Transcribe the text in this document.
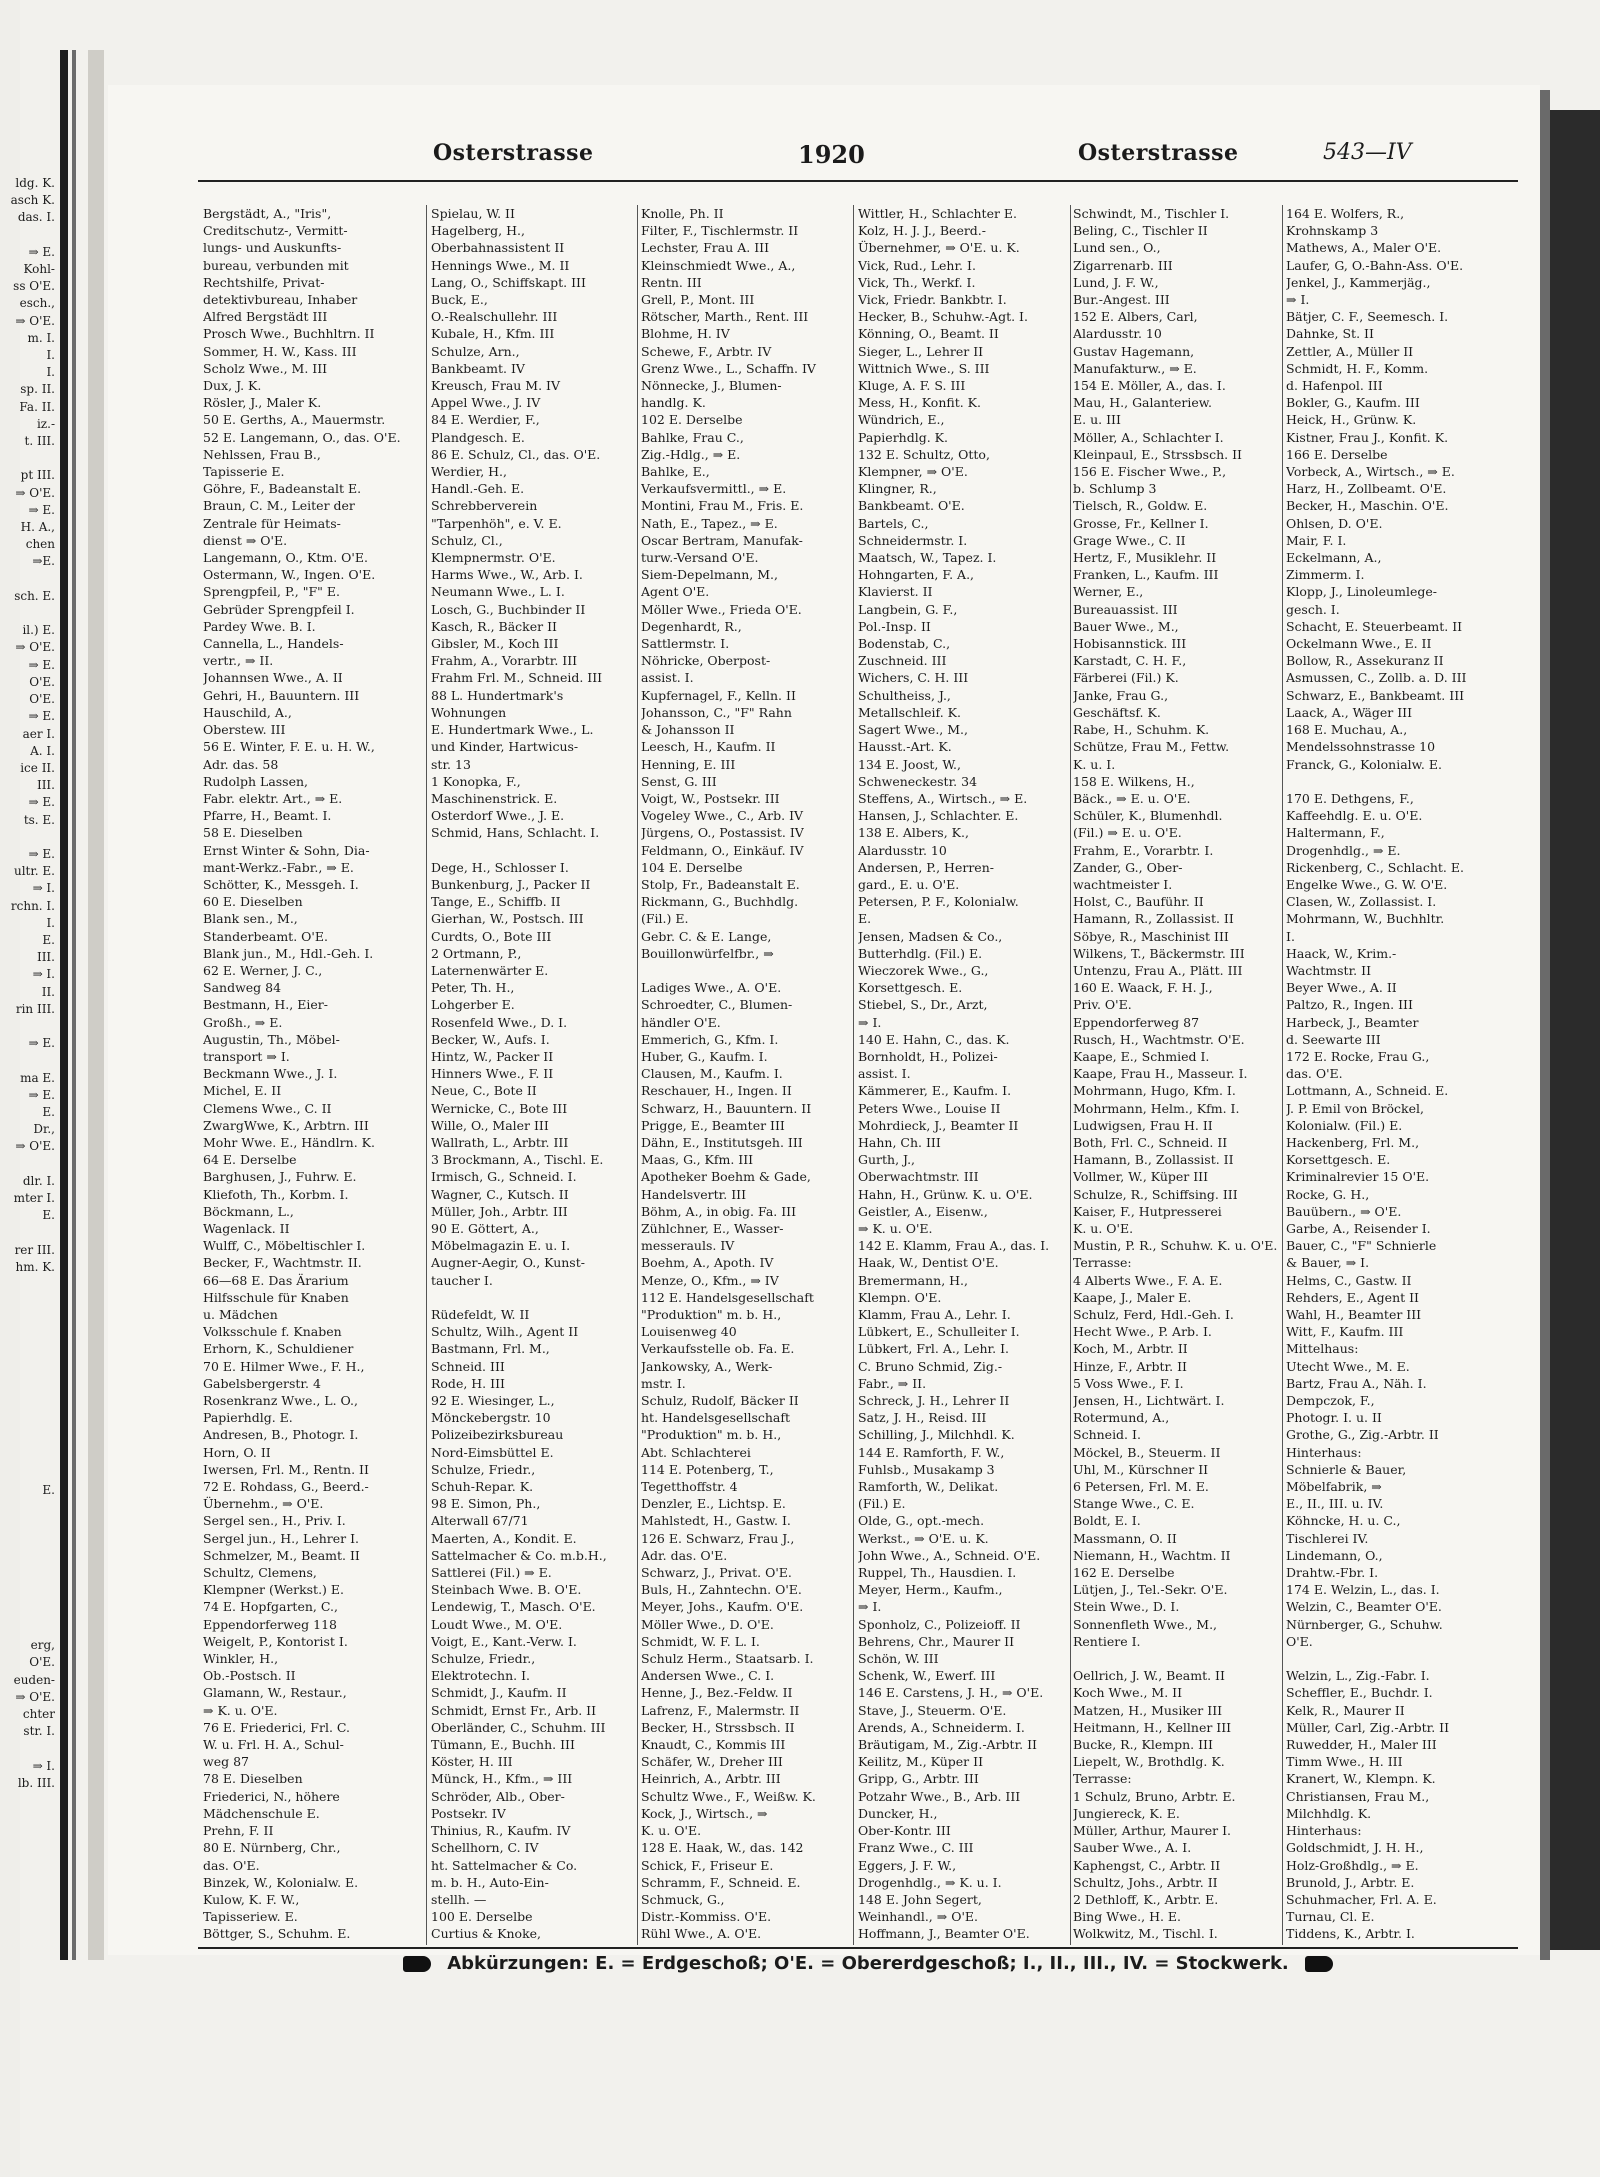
ldg. K.
asch K.
das. I.

⇒ E.
Kohl-
ss O'E.
esch.,
⇒ O'E.
m. I.
I.
I.
sp. II.
Fa. II.
iz.-
t. III.

pt III.
⇒ O'E.
⇒ E.
H. A.,
chen
⇒E.

sch. E.

il.) E.
⇒ O'E.
⇒ E.
O'E.
O'E.
⇒ E.
aer I.
A. I.
ice II.
III.
⇒ E.
ts. E.

⇒ E.
ultr. E.
⇒ I.
rchn. I.
I.
E.
III.
⇒ I.
II.
rin III.

⇒ E.

ma E.
⇒ E.
E.
Dr.,
⇒ O'E.

dlr. I.
mter I.
E.

rer III.
hm. K.

E.

erg,
O'E.
euden-
⇒ O'E.
chter
str. I.

⇒ I.
lb. III.
Osterstrasse	1920	Osterstrasse	543—IV
Bergstädt, A., "Iris",
Creditschutz-, Vermitt-
lungs- und Auskunfts-
bureau, verbunden mit
Rechtshilfe, Privat-
detektivbureau, Inhaber
Alfred Bergstädt III
Prosch Wwe., Buchhltrn. II
Sommer, H. W., Kass. III
Scholz Wwe., M. III
Dux, J. K.
Rösler, J., Maler K.
50 E. Gerths, A., Mauermstr.
52 E. Langemann, O., das. O'E.
Nehlssen, Frau B.,
Tapisserie E.
Göhre, F., Badeanstalt E.
Braun, C. M., Leiter der
Zentrale für Heimats-
dienst ⇒ O'E.
Langemann, O., Ktm. O'E.
Ostermann, W., Ingen. O'E.
Sprengpfeil, P., "F" E.
Gebrüder Sprengpfeil I.
Pardey Wwe. B. I.
Cannella, L., Handels-
vertr., ⇒ II.
Johannsen Wwe., A. II
Gehri, H., Bauuntern. III
Hauschild, A.,
Oberstew. III
56 E. Winter, F. E. u. H. W.,
Adr. das. 58
Rudolph Lassen,
Fabr. elektr. Art., ⇒ E.
Pfarre, H., Beamt. I.
58 E. Dieselben
Ernst Winter & Sohn, Dia-
mant-Werkz.-Fabr., ⇒ E.
Schötter, K., Messgeh. I.
60 E. Dieselben
Blank sen., M.,
Standerbeamt. O'E.
Blank jun., M., Hdl.-Geh. I.
62 E. Werner, J. C.,
Sandweg 84
Bestmann, H., Eier-
Großh., ⇒ E.
Augustin, Th., Möbel-
transport ⇒ I.
Beckmann Wwe., J. I.
Michel, E. II
Clemens Wwe., C. II
ZwargWwe, K., Arbtrn. III
Mohr Wwe. E., Händlrn. K.
64 E. Derselbe
Barghusen, J., Fuhrw. E.
Kliefoth, Th., Korbm. I.
Böckmann, L.,
Wagenlack. II
Wulff, C., Möbeltischler I.
Becker, F., Wachtmstr. II.
66—68 E. Das Ärarium
Hilfsschule für Knaben
u. Mädchen
Volksschule f. Knaben
Erhorn, K., Schuldiener
70 E. Hilmer Wwe., F. H.,
Gabelsbergerstr. 4
Rosenkranz Wwe., L. O.,
Papierhdlg. E.
Andresen, B., Photogr. I.
Horn, O. II
Iwersen, Frl. M., Rentn. II
72 E. Rohdass, G., Beerd.-
Übernehm., ⇒ O'E.
Sergel sen., H., Priv. I.
Sergel jun., H., Lehrer I.
Schmelzer, M., Beamt. II
Schultz, Clemens,
Klempner (Werkst.) E.
74 E. Hopfgarten, C.,
Eppendorferweg 118
Weigelt, P., Kontorist I.
Winkler, H.,
Ob.-Postsch. II
Glamann, W., Restaur.,
⇒ K. u. O'E.
76 E. Friederici, Frl. C.
W. u. Frl. H. A., Schul-
weg 87
78 E. Dieselben
Friederici, N., höhere
Mädchenschule E.
Prehn, F. II
80 E. Nürnberg, Chr.,
das. O'E.
Binzek, W., Kolonialw. E.
Kulow, K. F. W.,
Tapisseriew. E.
Böttger, S., Schuhm. E.
Spielau, W. II
Hagelberg, H.,
Oberbahnassistent II
Hennings Wwe., M. II
Lang, O., Schiffskapt. III
Buck, E.,
O.-Realschullehr. III
Kubale, H., Kfm. III
Schulze, Arn.,
Bankbeamt. IV
Kreusch, Frau M. IV
Appel Wwe., J. IV
84 E. Werdier, F.,
Plandgesch. E.
86 E. Schulz, Cl., das. O'E.
Werdier, H.,
Handl.-Geh. E.
Schrebberverein
"Tarpenhöh", e. V. E.
Schulz, Cl.,
Klempnermstr. O'E.
Harms Wwe., W., Arb. I.
Neumann Wwe., L. I.
Losch, G., Buchbinder II
Kasch, R., Bäcker II
Gibsler, M., Koch III
Frahm, A., Vorarbtr. III
Frahm Frl. M., Schneid. III
88 L. Hundertmark's
Wohnungen
E. Hundertmark Wwe., L.
und Kinder, Hartwicus-
str. 13
1 Konopka, F.,
Maschinenstrick. E.
Osterdorf Wwe., J. E.
Schmid, Hans, Schlacht. I.

Dege, H., Schlosser I.
Bunkenburg, J., Packer II
Tange, E., Schiffb. II
Gierhan, W., Postsch. III
Curdts, O., Bote III
2 Ortmann, P.,
Laternenwärter E.
Peter, Th. H.,
Lohgerber E.
Rosenfeld Wwe., D. I.
Becker, W., Aufs. I.
Hintz, W., Packer II
Hinners Wwe., F. II
Neue, C., Bote II
Wernicke, C., Bote III
Wille, O., Maler III
Wallrath, L., Arbtr. III
3 Brockmann, A., Tischl. E.
Irmisch, G., Schneid. I.
Wagner, C., Kutsch. II
Müller, Joh., Arbtr. III
90 E. Göttert, A.,
Möbelmagazin E. u. I.
Augner-Aegir, O., Kunst-
taucher I.

Rüdefeldt, W. II
Schultz, Wilh., Agent II
Bastmann, Frl. M.,
Schneid. III
Rode, H. III
92 E. Wiesinger, L.,
Mönckebergstr. 10
Polizeibezirksbureau
Nord-Eimsbüttel E.
Schulze, Friedr.,
Schuh-Repar. K.
98 E. Simon, Ph.,
Alterwall 67/71
Maerten, A., Kondit. E.
Sattelmacher & Co. m.b.H.,
Sattlerei (Fil.) ⇒ E.
Steinbach Wwe. B. O'E.
Lendewig, T., Masch. O'E.
Loudt Wwe., M. O'E.
Voigt, E., Kant.-Verw. I.
Schulze, Friedr.,
Elektrotechn. I.
Schmidt, J., Kaufm. II
Schmidt, Ernst Fr., Arb. II
Oberländer, C., Schuhm. III
Tümann, E., Buchh. III
Köster, H. III
Münck, H., Kfm., ⇒ III
Schröder, Alb., Ober-
Postsekr. IV
Thinius, R., Kaufm. IV
Schellhorn, C. IV
ht. Sattelmacher & Co.
m. b. H., Auto-Ein-
stellh. —
100 E. Derselbe
Curtius & Knoke,
Knolle, Ph. II
Filter, F., Tischlermstr. II
Lechster, Frau A. III
Kleinschmiedt Wwe., A.,
Rentn. III
Grell, P., Mont. III
Rötscher, Marth., Rent. III
Blohme, H. IV
Schewe, F., Arbtr. IV
Grenz Wwe., L., Schaffn. IV
Nönnecke, J., Blumen-
handlg. K.
102 E. Derselbe
Bahlke, Frau C.,
Zig.-Hdlg., ⇒ E.
Bahlke, E.,
Verkaufsvermittl., ⇒ E.
Montini, Frau M., Fris. E.
Nath, E., Tapez., ⇒ E.
Oscar Bertram, Manufak-
turw.-Versand O'E.
Siem-Depelmann, M.,
Agent O'E.
Möller Wwe., Frieda O'E.
Degenhardt, R.,
Sattlermstr. I.
Nöhricke, Oberpost-
assist. I.
Kupfernagel, F., Kelln. II
Johansson, C., "F" Rahn
& Johansson II
Leesch, H., Kaufm. II
Henning, E. III
Senst, G. III
Voigt, W., Postsekr. III
Vogeley Wwe., C., Arb. IV
Jürgens, O., Postassist. IV
Feldmann, O., Einkäuf. IV
104 E. Derselbe
Stolp, Fr., Badeanstalt E.
Rickmann, G., Buchhdlg.
(Fil.) E.
Gebr. C. & E. Lange,
Bouillonwürfelfbr., ⇒

Ladiges Wwe., A. O'E.
Schroedter, C., Blumen-
händler O'E.
Emmerich, G., Kfm. I.
Huber, G., Kaufm. I.
Clausen, M., Kaufm. I.
Reschauer, H., Ingen. II
Schwarz, H., Bauuntern. II
Prigge, E., Beamter III
Dähn, E., Institutsgeh. III
Maas, G., Kfm. III
Apotheker Boehm & Gade,
Handelsvertr. III
Böhm, A., in obig. Fa. III
Zühlchner, E., Wasser-
messerauls. IV
Boehm, A., Apoth. IV
Menze, O., Kfm., ⇒ IV
112 E. Handelsgesellschaft
"Produktion" m. b. H.,
Louisenweg 40
Verkaufsstelle ob. Fa. E.
Jankowsky, A., Werk-
mstr. I.
Schulz, Rudolf, Bäcker II
ht. Handelsgesellschaft
"Produktion" m. b. H.,
Abt. Schlachterei
114 E. Potenberg, T.,
Tegetthoffstr. 4
Denzler, E., Lichtsp. E.
Mahlstedt, H., Gastw. I.
126 E. Schwarz, Frau J.,
Adr. das. O'E.
Schwarz, J., Privat. O'E.
Buls, H., Zahntechn. O'E.
Meyer, Johs., Kaufm. O'E.
Möller Wwe., D. O'E.
Schmidt, W. F. L. I.
Schulz Herm., Staatsarb. I.
Andersen Wwe., C. I.
Henne, J., Bez.-Feldw. II
Lafrenz, F., Malermstr. II
Becker, H., Strssbsch. II
Knaudt, C., Kommis III
Schäfer, W., Dreher III
Heinrich, A., Arbtr. III
Schultz Wwe., F., Weißw. K.
Kock, J., Wirtsch., ⇒
K. u. O'E.
128 E. Haak, W., das. 142
Schick, F., Friseur E.
Schramm, F., Schneid. E.
Schmuck, G.,
Distr.-Kommiss. O'E.
Rühl Wwe., A. O'E.
Wittler, H., Schlachter E.
Kolz, H. J. J., Beerd.-
Übernehmer, ⇒ O'E. u. K.
Vick, Rud., Lehr. I.
Vick, Th., Werkf. I.
Vick, Friedr. Bankbtr. I.
Hecker, B., Schuhw.-Agt. I.
Könning, O., Beamt. II
Sieger, L., Lehrer II
Wittnich Wwe., S. III
Kluge, A. F. S. III
Mess, H., Konfit. K.
Wündrich, E.,
Papierhdlg. K.
132 E. Schultz, Otto,
Klempner, ⇒ O'E.
Klingner, R.,
Bankbeamt. O'E.
Bartels, C.,
Schneidermstr. I.
Maatsch, W., Tapez. I.
Hohngarten, F. A.,
Klavierst. II
Langbein, G. F.,
Pol.-Insp. II
Bodenstab, C.,
Zuschneid. III
Wichers, C. H. III
Schultheiss, J.,
Metallschleif. K.
Sagert Wwe., M.,
Hausst.-Art. K.
134 E. Joost, W.,
Schweneckestr. 34
Steffens, A., Wirtsch., ⇒ E.
Hansen, J., Schlachter. E.
138 E. Albers, K.,
Alardusstr. 10
Andersen, P., Herren-
gard., E. u. O'E.
Petersen, P. F., Kolonialw.
E.
Jensen, Madsen & Co.,
Butterhdlg. (Fil.) E.
Wieczorek Wwe., G.,
Korsettgesch. E.
Stiebel, S., Dr., Arzt,
⇒ I.
140 E. Hahn, C., das. K.
Bornholdt, H., Polizei-
assist. I.
Kämmerer, E., Kaufm. I.
Peters Wwe., Louise II
Mohrdieck, J., Beamter II
Hahn, Ch. III
Gurth, J.,
Oberwachtmstr. III
Hahn, H., Grünw. K. u. O'E.
Geistler, A., Eisenw.,
⇒ K. u. O'E.
142 E. Klamm, Frau A., das. I.
Haak, W., Dentist O'E.
Bremermann, H.,
Klempn. O'E.
Klamm, Frau A., Lehr. I.
Lübkert, E., Schulleiter I.
Lübkert, Frl. A., Lehr. I.
C. Bruno Schmid, Zig.-
Fabr., ⇒ II.
Schreck, J. H., Lehrer II
Satz, J. H., Reisd. III
Schilling, J., Milchhdl. K.
144 E. Ramforth, F. W.,
Fuhlsb., Musakamp 3
Ramforth, W., Delikat.
(Fil.) E.
Olde, G., opt.-mech.
Werkst., ⇒ O'E. u. K.
John Wwe., A., Schneid. O'E.
Ruppel, Th., Hausdien. I.
Meyer, Herm., Kaufm.,
⇒ I.
Sponholz, C., Polizeioff. II
Behrens, Chr., Maurer II
Schön, W. III
Schenk, W., Ewerf. III
146 E. Carstens, J. H., ⇒ O'E.
Stave, J., Steuerm. O'E.
Arends, A., Schneiderm. I.
Bräutigam, M., Zig.-Arbtr. II
Keilitz, M., Küper II
Gripp, G., Arbtr. III
Potzahr Wwe., B., Arb. III
Duncker, H.,
Ober-Kontr. III
Franz Wwe., C. III
Eggers, J. F. W.,
Drogenhdlg., ⇒ K. u. I.
148 E. John Segert,
Weinhandl., ⇒ O'E.
Hoffmann, J., Beamter O'E.
Schwindt, M., Tischler I.
Beling, C., Tischler II
Lund sen., O.,
Zigarrenarb. III
Lund, J. F. W.,
Bur.-Angest. III
152 E. Albers, Carl,
Alardusstr. 10
Gustav Hagemann,
Manufakturw., ⇒ E.
154 E. Möller, A., das. I.
Mau, H., Galanteriew.
E. u. III
Möller, A., Schlachter I.
Kleinpaul, E., Strssbsch. II
156 E. Fischer Wwe., P.,
b. Schlump 3
Tielsch, R., Goldw. E.
Grosse, Fr., Kellner I.
Grage Wwe., C. II
Hertz, F., Musiklehr. II
Franken, L., Kaufm. III
Werner, E.,
Bureauassist. III
Bauer Wwe., M.,
Hobisannstick. III
Karstadt, C. H. F.,
Färberei (Fil.) K.
Janke, Frau G.,
Geschäftsf. K.
Rabe, H., Schuhm. K.
Schütze, Frau M., Fettw.
K. u. I.
158 E. Wilkens, H.,
Bäck., ⇒ E. u. O'E.
Schüler, K., Blumenhdl.
(Fil.) ⇒ E. u. O'E.
Frahm, E., Vorarbtr. I.
Zander, G., Ober-
wachtmeister I.
Holst, C., Bauführ. II
Hamann, R., Zollassist. II
Söbye, R., Maschinist III
Wilkens, T., Bäckermstr. III
Untenzu, Frau A., Plätt. III
160 E. Waack, F. H. J.,
Priv. O'E.
Eppendorferweg 87
Rusch, H., Wachtmstr. O'E.
Kaape, E., Schmied I.
Kaape, Frau H., Masseur. I.
Mohrmann, Hugo, Kfm. I.
Mohrmann, Helm., Kfm. I.
Ludwigsen, Frau H. II
Both, Frl. C., Schneid. II
Hamann, B., Zollassist. II
Vollmer, W., Küper III
Schulze, R., Schiffsing. III
Kaiser, F., Hutpresserei
K. u. O'E.
Mustin, P. R., Schuhw. K. u. O'E.
Terrasse:
4 Alberts Wwe., F. A. E.
Kaape, J., Maler E.
Schulz, Ferd, Hdl.-Geh. I.
Hecht Wwe., P. Arb. I.
Koch, M., Arbtr. II
Hinze, F., Arbtr. II
5 Voss Wwe., F. I.
Jensen, H., Lichtwärt. I.
Rotermund, A.,
Schneid. I.
Möckel, B., Steuerm. II
Uhl, M., Kürschner II
6 Petersen, Frl. M. E.
Stange Wwe., C. E.
Boldt, E. I.
Massmann, O. II
Niemann, H., Wachtm. II
162 E. Derselbe
Lütjen, J., Tel.-Sekr. O'E.
Stein Wwe., D. I.
Sonnenfleth Wwe., M.,
Rentiere I.

Oellrich, J. W., Beamt. II
Koch Wwe., M. II
Matzen, H., Musiker III
Heitmann, H., Kellner III
Bucke, R., Klempn. III
Liepelt, W., Brothdlg. K.
Terrasse:
1 Schulz, Bruno, Arbtr. E.
Jungiereck, K. E.
Müller, Arthur, Maurer I.
Sauber Wwe., A. I.
Kaphengst, C., Arbtr. II
Schultz, Johs., Arbtr. II
2 Dethloff, K., Arbtr. E.
Bing Wwe., H. E.
Wolkwitz, M., Tischl. I.
164 E. Wolfers, R.,
Krohnskamp 3
Mathews, A., Maler O'E.
Laufer, G, O.-Bahn-Ass. O'E.
Jenkel, J., Kammerjäg.,
⇒ I.
Bätjer, C. F., Seemesch. I.
Dahnke, St. II
Zettler, A., Müller II
Schmidt, H. F., Komm.
d. Hafenpol. III
Bokler, G., Kaufm. III
Heick, H., Grünw. K.
Kistner, Frau J., Konfit. K.
166 E. Derselbe
Vorbeck, A., Wirtsch., ⇒ E.
Harz, H., Zollbeamt. O'E.
Becker, H., Maschin. O'E.
Ohlsen, D. O'E.
Mair, F. I.
Eckelmann, A.,
Zimmerm. I.
Klopp, J., Linoleumlege-
gesch. I.
Schacht, E. Steuerbeamt. II
Ockelmann Wwe., E. II
Bollow, R., Assekuranz II
Asmussen, C., Zollb. a. D. III
Schwarz, E., Bankbeamt. III
Laack, A., Wäger III
168 E. Muchau, A.,
Mendelssohnstrasse 10
Franck, G., Kolonialw. E.

170 E. Dethgens, F.,
Kaffeehdlg. E. u. O'E.
Haltermann, F.,
Drogenhdlg., ⇒ E.
Rickenberg, C., Schlacht. E.
Engelke Wwe., G. W. O'E.
Clasen, W., Zollassist. I.
Mohrmann, W., Buchhltr.
I.
Haack, W., Krim.-
Wachtmstr. II
Beyer Wwe., A. II
Paltzo, R., Ingen. III
Harbeck, J., Beamter
d. Seewarte III
172 E. Rocke, Frau G.,
das. O'E.
Lottmann, A., Schneid. E.
J. P. Emil von Bröckel,
Kolonialw. (Fil.) E.
Hackenberg, Frl. M.,
Korsettgesch. E.
Kriminalrevier 15 O'E.
Rocke, G. H.,
Bauübern., ⇒ O'E.
Garbe, A., Reisender I.
Bauer, C., "F" Schnierle
& Bauer, ⇒ I.
Helms, C., Gastw. II
Rehders, E., Agent II
Wahl, H., Beamter III
Witt, F., Kaufm. III
Mittelhaus:
Utecht Wwe., M. E.
Bartz, Frau A., Näh. I.
Dempczok, F.,
Photogr. I. u. II
Grothe, G., Zig.-Arbtr. II
Hinterhaus:
Schnierle & Bauer,
Möbelfabrik, ⇒
E., II., III. u. IV.
Köhncke, H. u. C.,
Tischlerei IV.
Lindemann, O.,
Drahtw.-Fbr. I.
174 E. Welzin, L., das. I.
Welzin, C., Beamter O'E.
Nürnberger, G., Schuhw.
O'E.

Welzin, L., Zig.-Fabr. I.
Scheffler, E., Buchdr. I.
Kelk, R., Maurer II
Müller, Carl, Zig.-Arbtr. II
Ruwedder, H., Maler III
Timm Wwe., H. III
Kranert, W., Klempn. K.
Christiansen, Frau M.,
Milchhdlg. K.
Hinterhaus:
Goldschmidt, J. H. H.,
Holz-Großhdlg., ⇒ E.
Brunold, J., Arbtr. E.
Schuhmacher, Frl. A. E.
Turnau, Cl. E.
Tiddens, K., Arbtr. I.
Abkürzungen: E. = Erdgeschoß; O'E. = Obererdgeschoß; I., II., III., IV. = Stockwerk.
